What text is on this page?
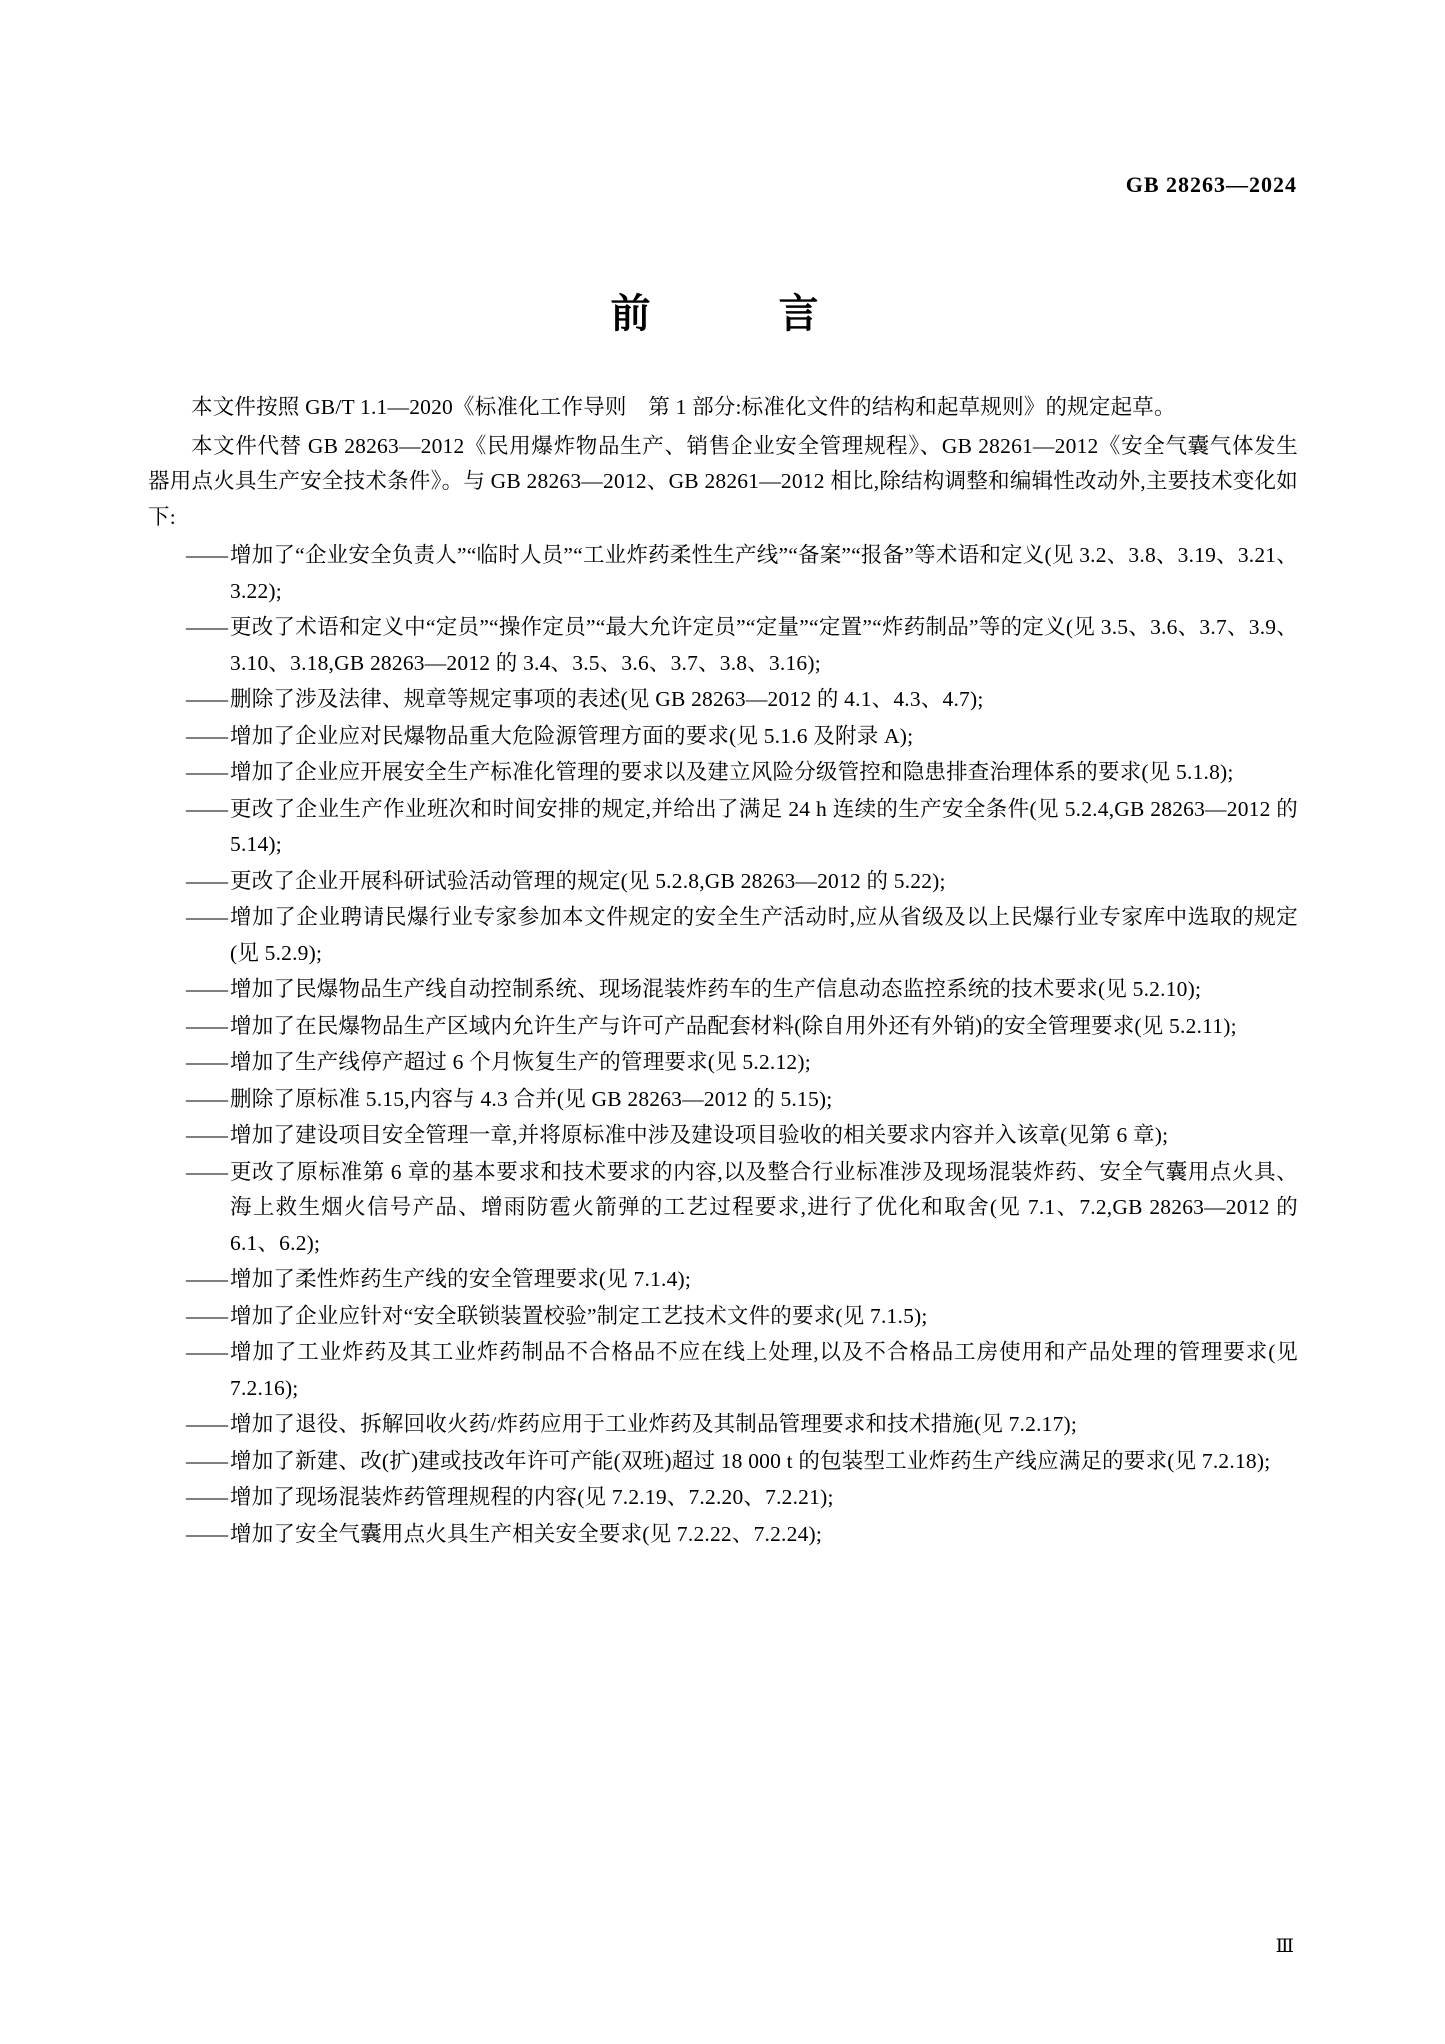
GB 28263—2024
前　　言

本文件按照 GB/T 1.1—2020《标准化工作导则　第 1 部分:标准化文件的结构和起草规则》的规定起草。

本文件代替 GB 28263—2012《民用爆炸物品生产、销售企业安全管理规程》、GB 28261—2012《安全气囊气体发生器用点火具生产安全技术条件》。与 GB 28263—2012、GB 28261—2012 相比,除结构调整和编辑性改动外,主要技术变化如下:

—— 增加了“企业安全负责人”“临时人员”“工业炸药柔性生产线”“备案”“报备”等术语和定义(见 3.2、3.8、3.19、3.21、3.22);
—— 更改了术语和定义中“定员”“操作定员”“最大允许定员”“定量”“定置”“炸药制品”等的定义(见 3.5、3.6、3.7、3.9、3.10、3.18,GB 28263—2012 的 3.4、3.5、3.6、3.7、3.8、3.16);
—— 删除了涉及法律、规章等规定事项的表述(见 GB 28263—2012 的 4.1、4.3、4.7);
—— 增加了企业应对民爆物品重大危险源管理方面的要求(见 5.1.6 及附录 A);
—— 增加了企业应开展安全生产标准化管理的要求以及建立风险分级管控和隐患排查治理体系的要求(见 5.1.8);
—— 更改了企业生产作业班次和时间安排的规定,并给出了满足 24 h 连续的生产安全条件(见 5.2.4,GB 28263—2012 的 5.14);
—— 更改了企业开展科研试验活动管理的规定(见 5.2.8,GB 28263—2012 的 5.22);
—— 增加了企业聘请民爆行业专家参加本文件规定的安全生产活动时,应从省级及以上民爆行业专家库中选取的规定(见 5.2.9);
—— 增加了民爆物品生产线自动控制系统、现场混装炸药车的生产信息动态监控系统的技术要求(见 5.2.10);
—— 增加了在民爆物品生产区域内允许生产与许可产品配套材料(除自用外还有外销)的安全管理要求(见 5.2.11);
—— 增加了生产线停产超过 6 个月恢复生产的管理要求(见 5.2.12);
—— 删除了原标准 5.15,内容与 4.3 合并(见 GB 28263—2012 的 5.15);
—— 增加了建设项目安全管理一章,并将原标准中涉及建设项目验收的相关要求内容并入该章(见第 6 章);
—— 更改了原标准第 6 章的基本要求和技术要求的内容,以及整合行业标准涉及现场混装炸药、安全气囊用点火具、海上救生烟火信号产品、增雨防雹火箭弹的工艺过程要求,进行了优化和取舍(见 7.1、7.2,GB 28263—2012 的 6.1、6.2);
—— 增加了柔性炸药生产线的安全管理要求(见 7.1.4);
—— 增加了企业应针对“安全联锁装置校验”制定工艺技术文件的要求(见 7.1.5);
—— 增加了工业炸药及其工业炸药制品不合格品不应在线上处理,以及不合格品工房使用和产品处理的管理要求(见 7.2.16);
—— 增加了退役、拆解回收火药/炸药应用于工业炸药及其制品管理要求和技术措施(见 7.2.17);
—— 增加了新建、改(扩)建或技改年许可产能(双班)超过 18 000 t 的包装型工业炸药生产线应满足的要求(见 7.2.18);
—— 增加了现场混装炸药管理规程的内容(见 7.2.19、7.2.20、7.2.21);
—— 增加了安全气囊用点火具生产相关安全要求(见 7.2.22、7.2.24);
Ⅲ
